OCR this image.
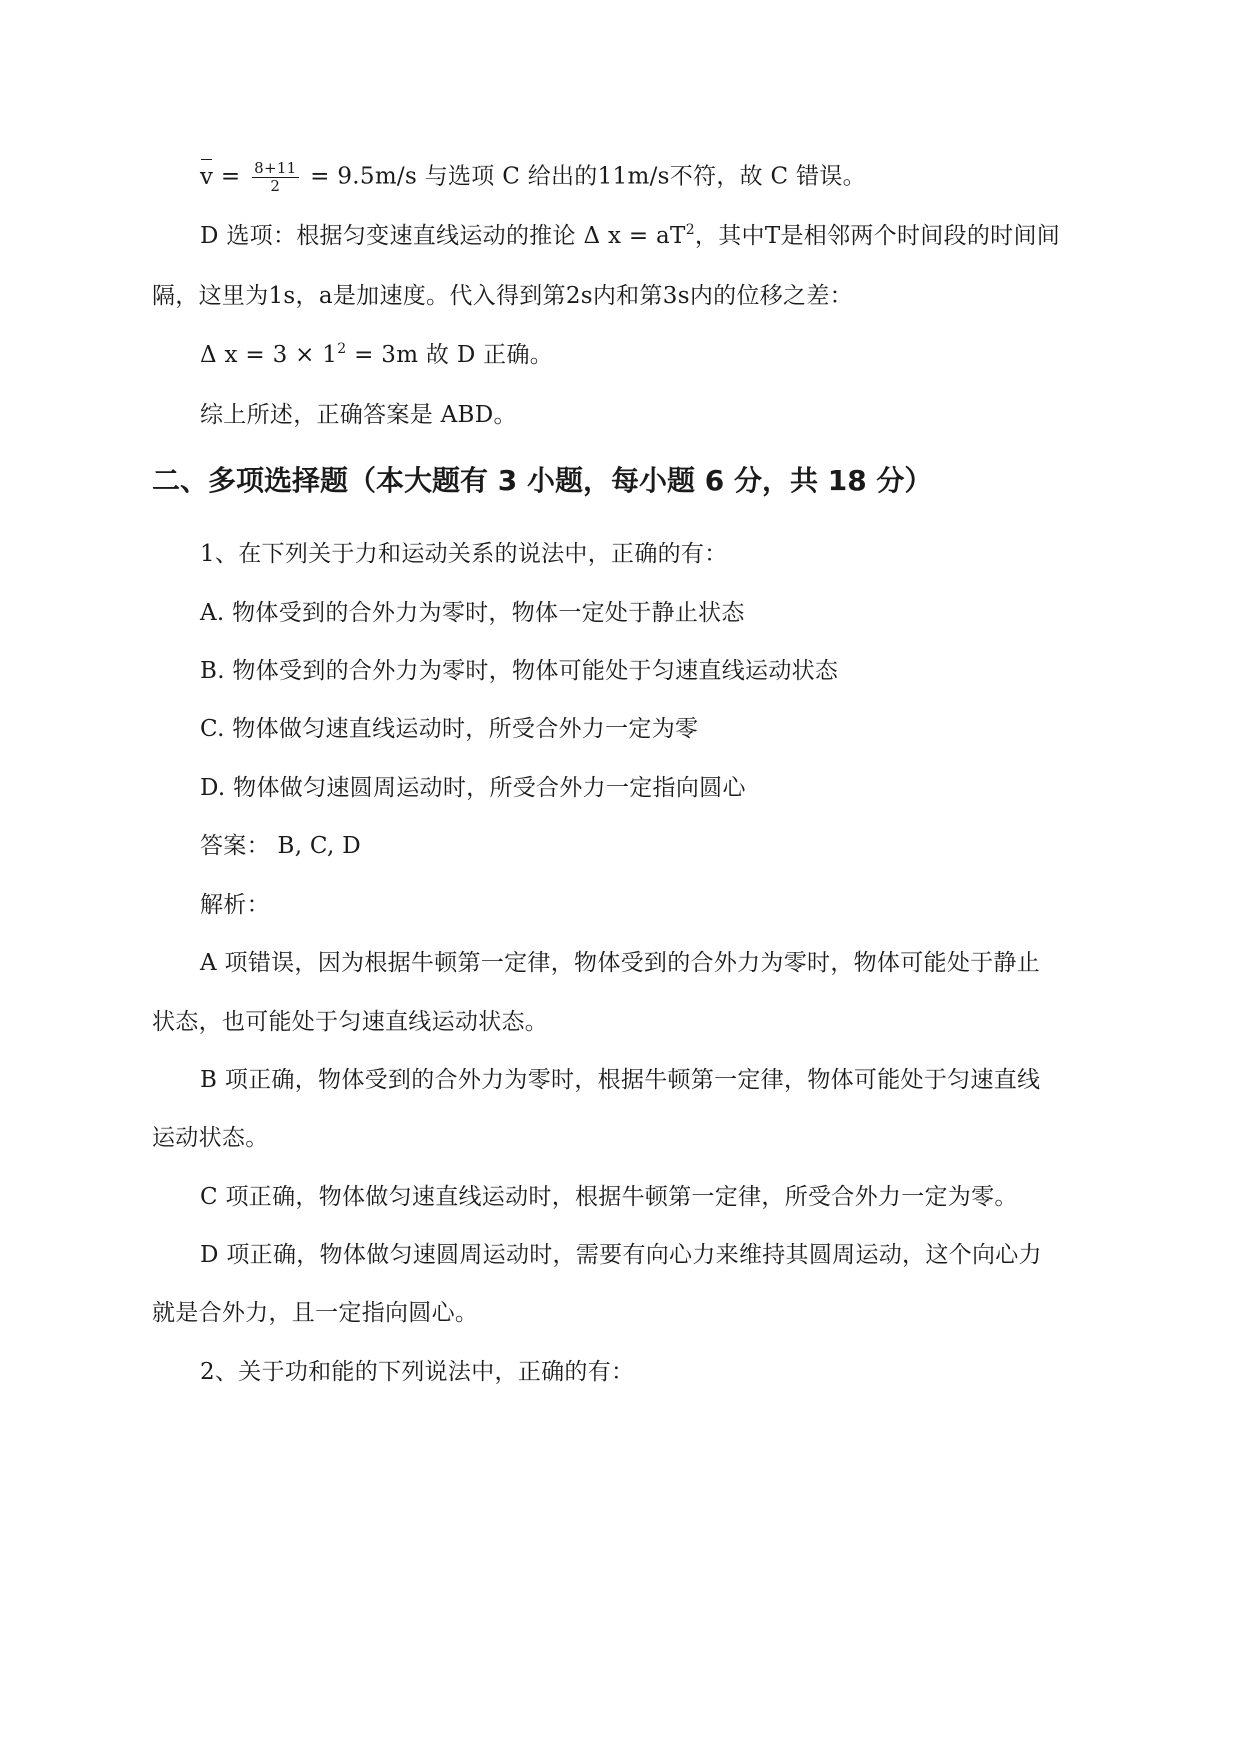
$v = \frac{8+11}{2} = 9.5m/s$ 与选项 C 给出的11m/s不符，故 C 错误。
D 选项：根据匀变速直线运动的推论 Δ $x = aT^2$，其中T是相邻两个时间段的时间间
隔，这里为1s，a是加速度。代入得到第2s内和第3s内的位移之差：
Δ $x = 3 \times 1^2 = 3m$ 故 D 正确。
综上所述，正确答案是 ABD。
二、多项选择题（本大题有 3 小题，每小题 6 分，共 18 分）
1、在下列关于力和运动关系的说法中，正确的有：
A. 物体受到的合外力为零时，物体一定处于静止状态
B. 物体受到的合外力为零时，物体可能处于匀速直线运动状态
C. 物体做匀速直线运动时，所受合外力一定为零
D. 物体做匀速圆周运动时，所受合外力一定指向圆心
答案： B, C, D
解析：
A 项错误，因为根据牛顿第一定律，物体受到的合外力为零时，物体可能处于静止
状态，也可能处于匀速直线运动状态。
B 项正确，物体受到的合外力为零时，根据牛顿第一定律，物体可能处于匀速直线
运动状态。
C 项正确，物体做匀速直线运动时，根据牛顿第一定律，所受合外力一定为零。
D 项正确，物体做匀速圆周运动时，需要有向心力来维持其圆周运动，这个向心力
就是合外力，且一定指向圆心。
2、关于功和能的下列说法中，正确的有：
